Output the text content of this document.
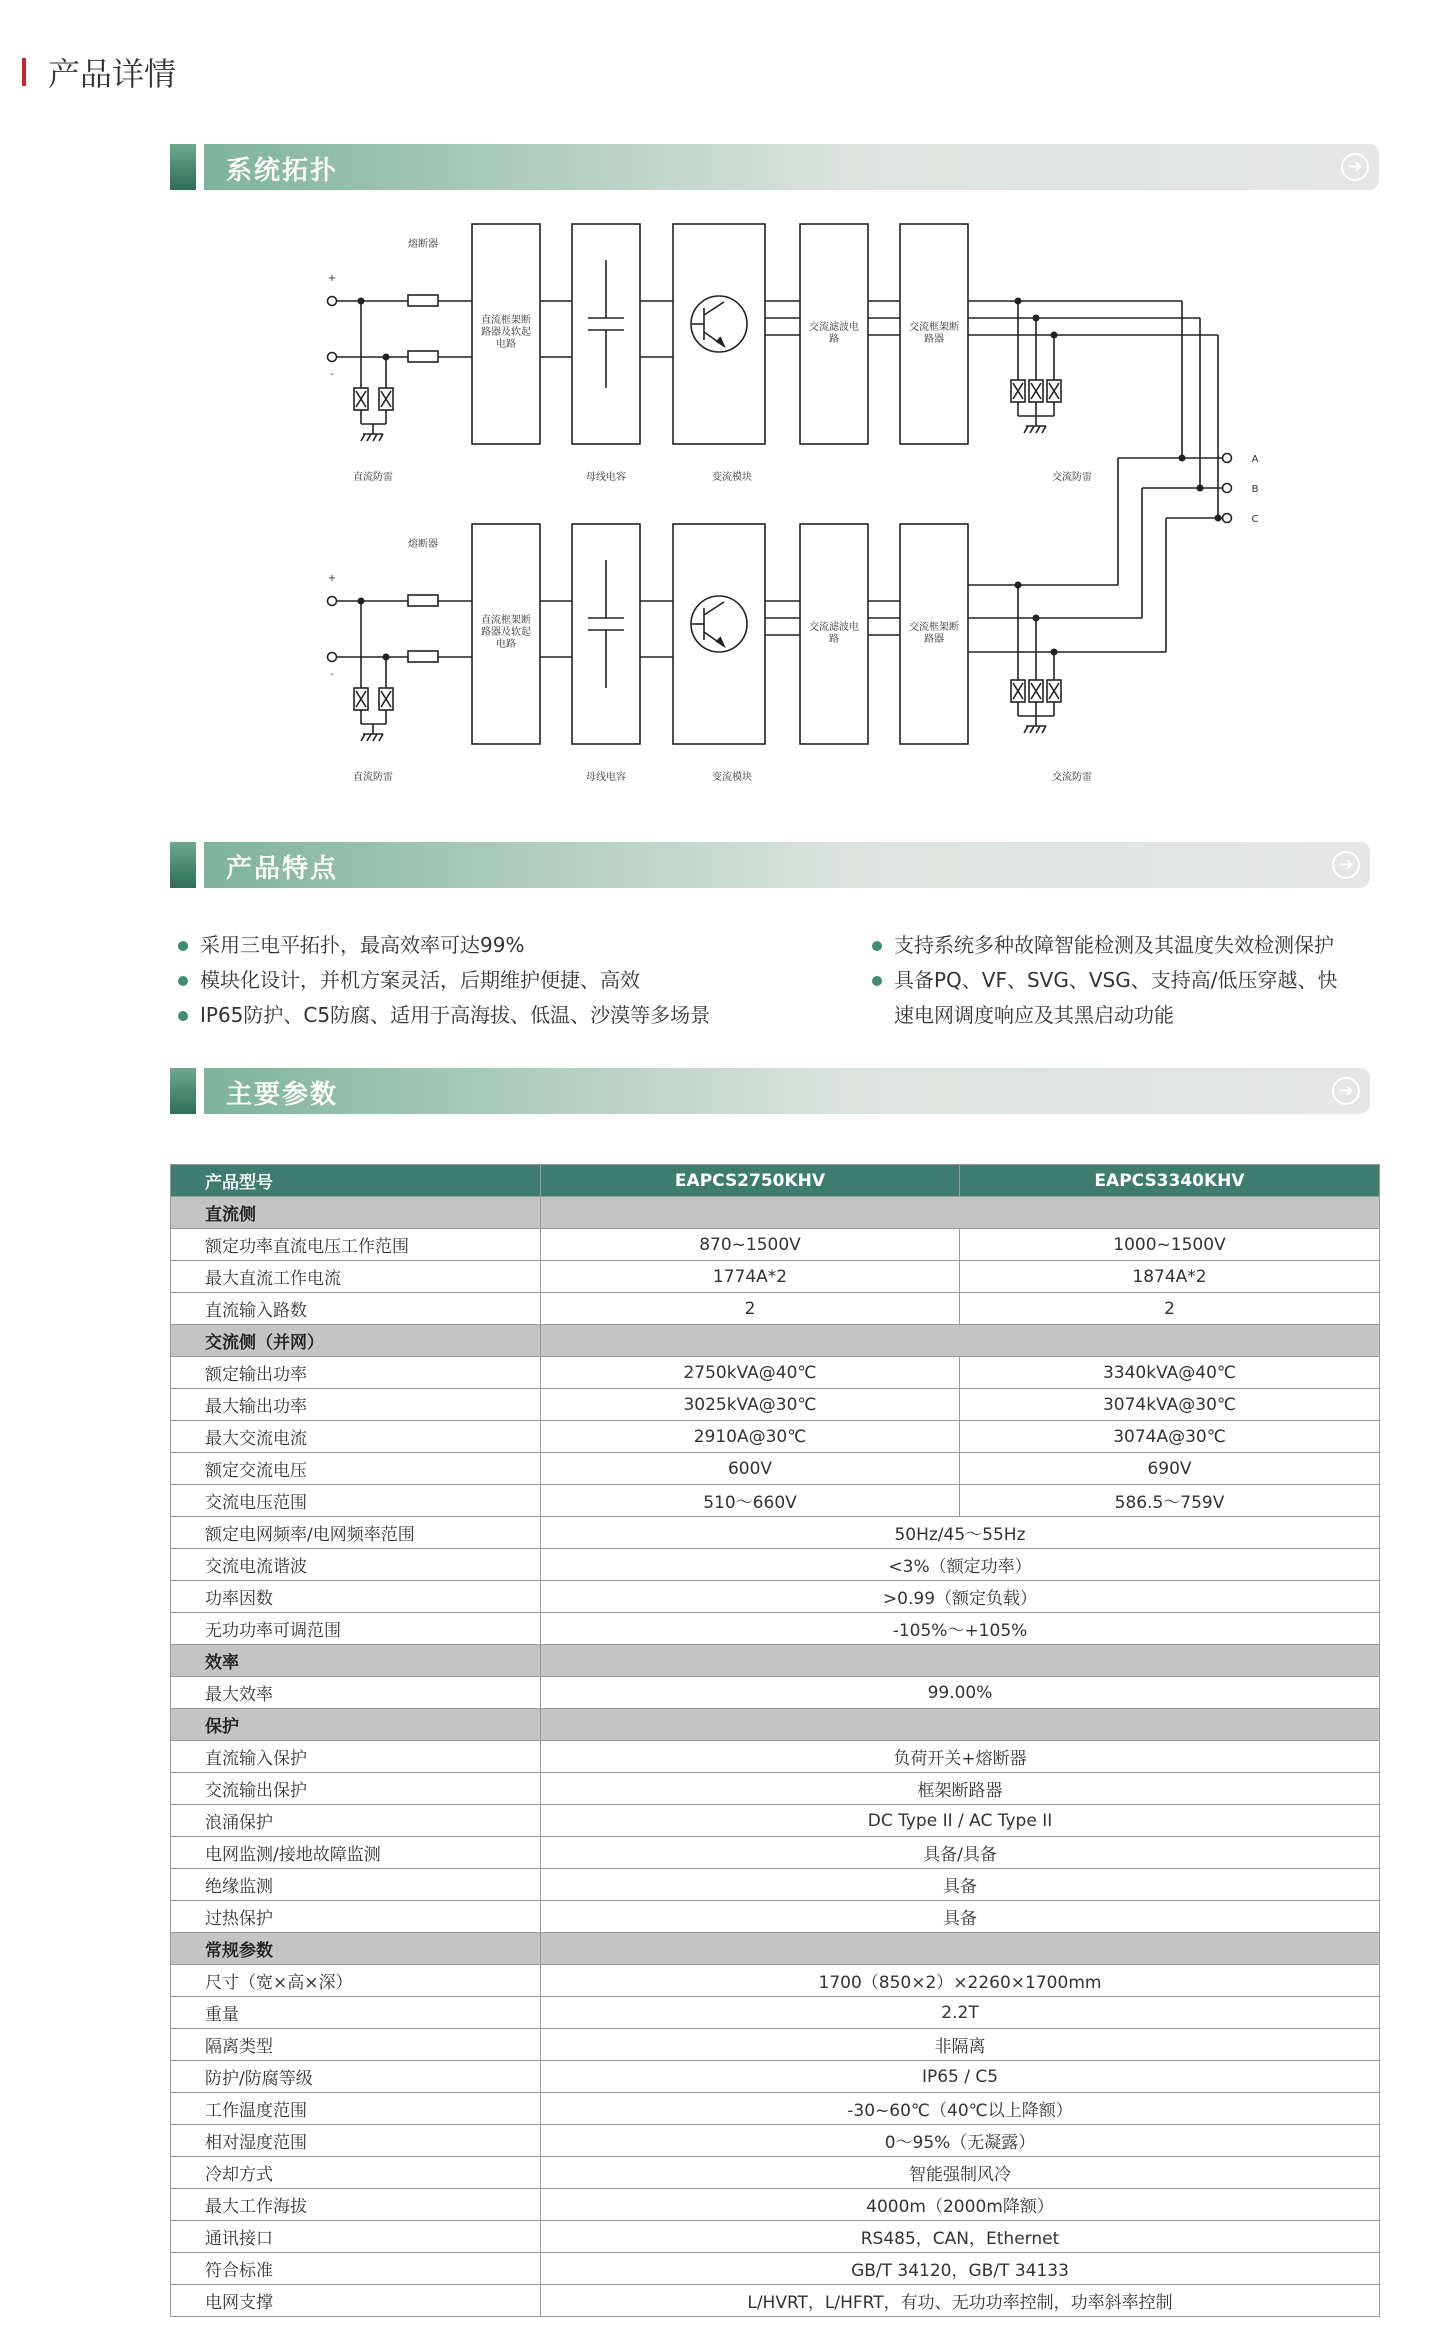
产品详情
系统拓扑	➔
熔断器
熔断器
+
-
+
-
直流框架断
路器及软起
电路
直流框架断
路器及软起
电路
交流滤波电
路
交流滤波电
路
交流框架断
路器
交流框架断
路器
直流防雷
直流防雷
母线电容
母线电容
变流模块
变流模块
交流防雷
交流防雷
A
B
C
产品特点	➔
采用三电平拓扑，最高效率可达99%
模块化设计，并机方案灵活，后期维护便捷、高效
IP65防护、C5防腐、适用于高海拔、低温、沙漠等多场景
支持系统多种故障智能检测及其温度失效检测保护
具备PQ、VF、SVG、VSG、支持高/低压穿越、快
速电网调度响应及其黑启动功能
主要参数	➔
产品型号	EAPCS2750KHV	EAPCS3340KHV
直流侧		
额定功率直流电压工作范围	870~1500V	1000~1500V
最大直流工作电流	1774A*2	1874A*2
直流输入路数	2	2
交流侧（并网）		
额定输出功率	2750kVA@40℃	3340kVA@40℃
最大输出功率	3025kVA@30℃	3074kVA@30℃
最大交流电流	2910A@30℃	3074A@30℃
额定交流电压	600V	690V
交流电压范围	510～660V	586.5～759V
额定电网频率/电网频率范围	50Hz/45～55Hz	
交流电流谐波	<3%（额定功率）	
功率因数	>0.99（额定负载）	
无功功率可调范围	-105%～+105%	
效率		
最大效率	99.00%	
保护		
直流输入保护	负荷开关+熔断器	
交流输出保护	框架断路器	
浪涌保护	DC Type II / AC Type II	
电网监测/接地故障监测	具备/具备	
绝缘监测	具备	
过热保护	具备	
常规参数		
尺寸（宽×高×深）	1700（850×2）×2260×1700mm	
重量	2.2T	
隔离类型	非隔离	
防护/防腐等级	IP65 / C5	
工作温度范围	-30~60℃（40℃以上降额）	
相对湿度范围	0～95%（无凝露）	
冷却方式	智能强制风冷	
最大工作海拔	4000m（2000m降额）	
通讯接口	RS485，CAN，Ethernet	
符合标准	GB/T 34120，GB/T 34133	
电网支撑	L/HVRT，L/HFRT，有功、无功功率控制，功率斜率控制	
